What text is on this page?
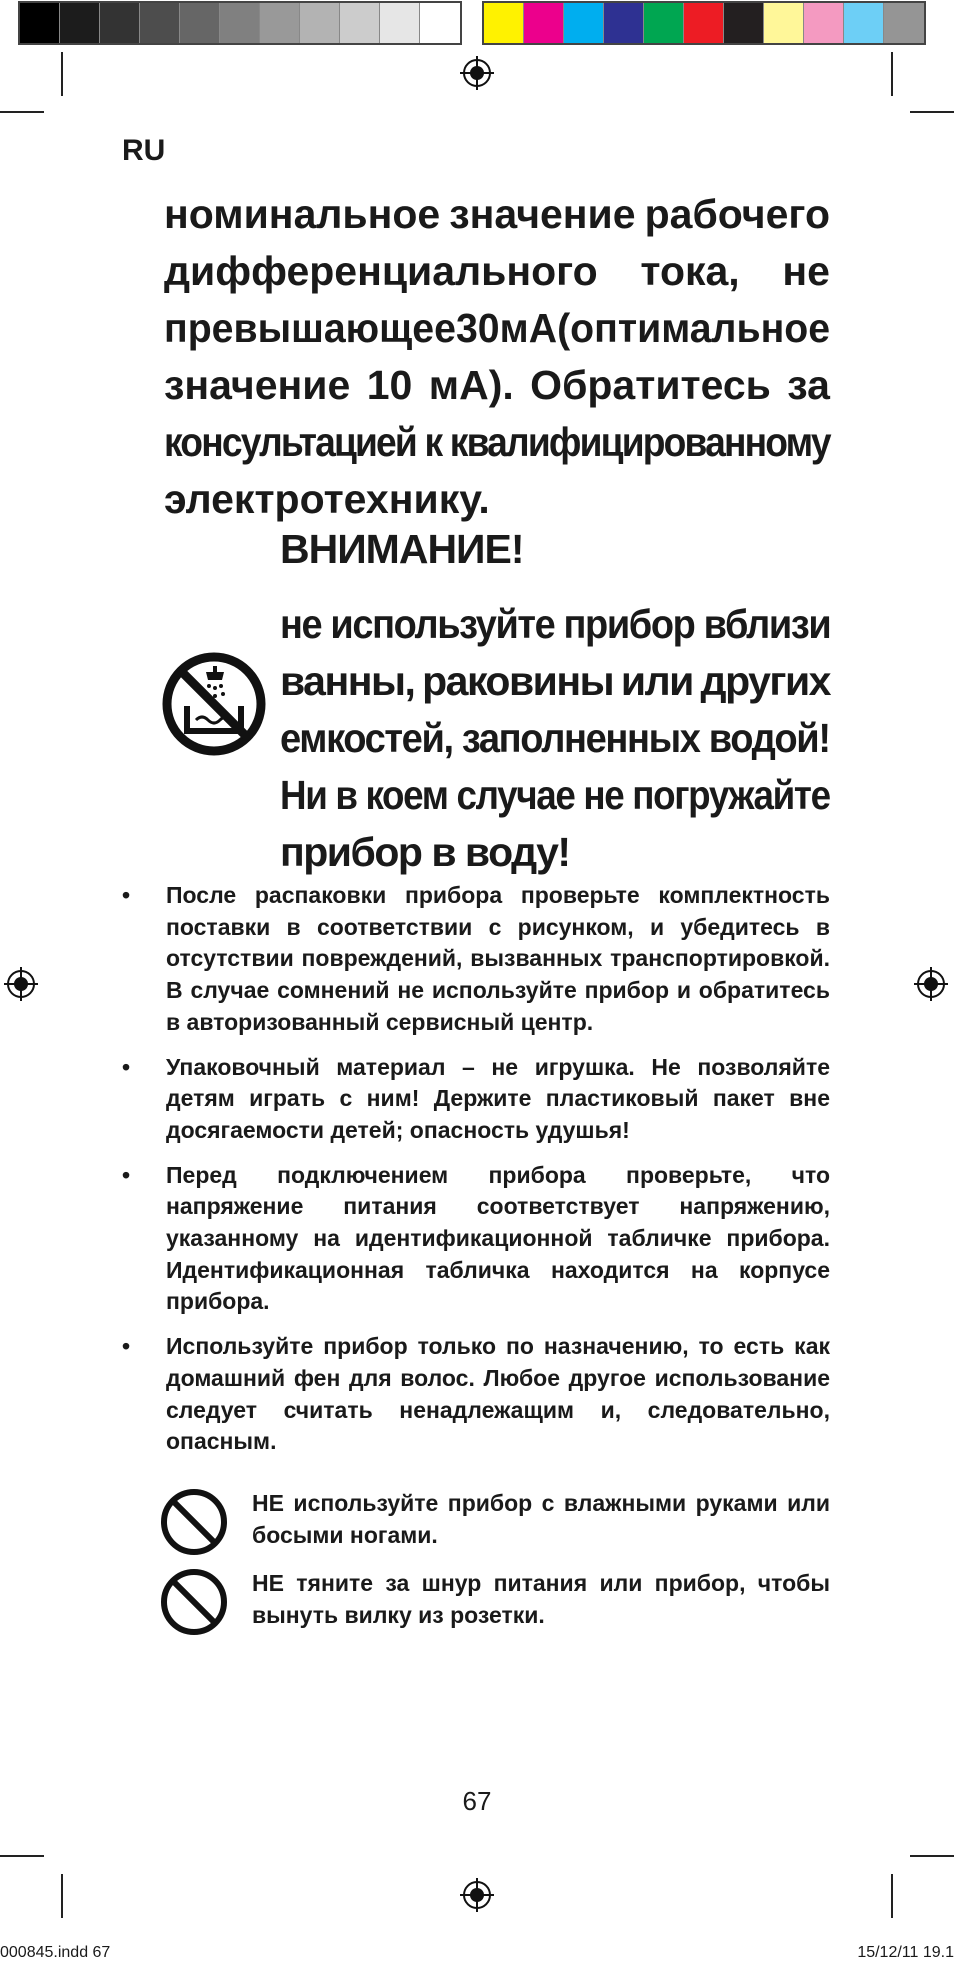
RU
номинальное значение рабочего
дифференциального тока, не
превышающее 30 мА (оптимальное
значение 10 мА). Обратитесь за
консультацией к квалифицированному
электротехнику.
ВНИМАНИЕ!
не используйте прибор вблизи
ванны, раковины или других
емкостей, заполненных водой!
Ни в коем случае не погружайте
прибор в воду!
• После распаковки прибора проверьте комплектность поставки в соответствии с рисунком, и убедитесь в отсутствии повреждений, вызванных транспортировкой. В случае сомнений не используйте прибор и обратитесь в авторизованный сервисный центр.
• Упаковочный материал – не игрушка. Не позволяйте детям играть с ним! Держите пластиковый пакет вне досягаемости детей; опасность удушья!
• Перед подключением прибора проверьте, что напряжение питания соответствует напряжению, указанному на идентификационной табличке прибора. Идентификационная табличка находится на корпусе прибора.
• Используйте прибор только по назначению, то есть как домашний фен для волос. Любое другое использование следует считать ненадлежащим и, следовательно, опасным.
НЕ используйте прибор с влажными руками или босыми ногами.
НЕ тяните за шнур питания или прибор, чтобы вынуть вилку из розетки.
67
000845.indd 67	15/12/11 19.1
